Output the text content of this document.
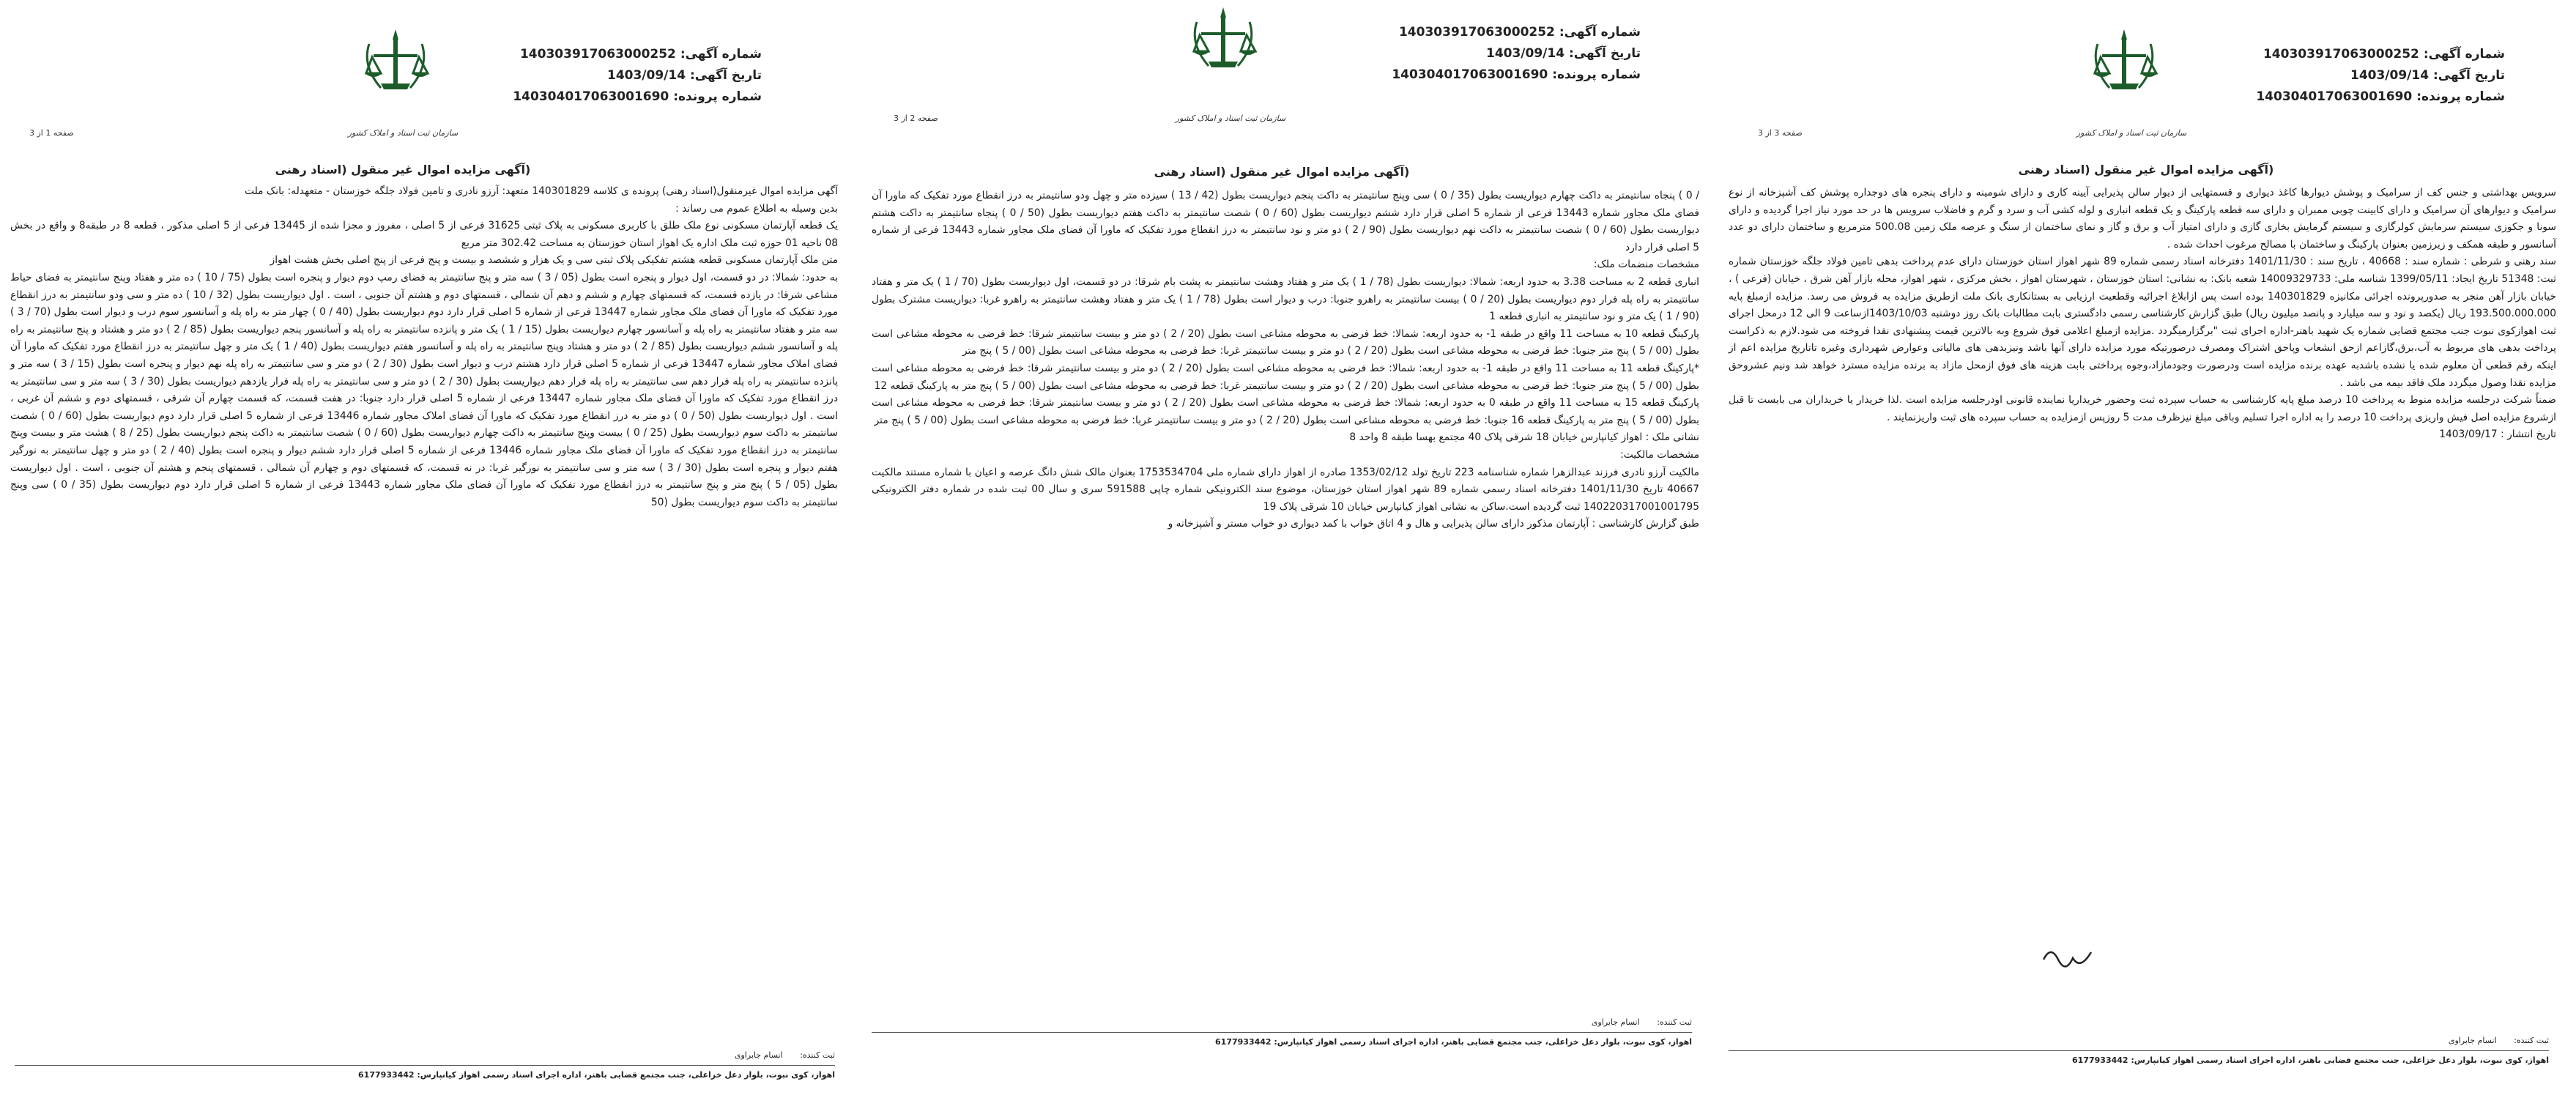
شماره آگهی: 140303917063000252
تاریخ آگهی: 1403/09/14
شماره پرونده: 140304017063001690
سازمان ثبت اسناد و املاک کشور
صفحه 1 از 3
(آگهی مزایده اموال غیر منقول (اسناد رهنی

آگهی مزایده اموال غیرمنقول(اسناد رهنی) پرونده ی کلاسه 140301829 متعهد: آرزو نادری و تامین فولاد جلگه خوزستان - متعهدله: بانک ملت

بدین وسیله به اطلاع عموم می رساند :

یک قطعه آپارتمان مسکونی نوع ملک طلق با کاربری مسکونی به پلاک ثبتی 31625 فرعی از 5 اصلی ، مفروز و مجزا شده از 13445 فرعی از 5 اصلی مذکور ، قطعه 8 در طبقه8 و واقع در بخش 08 ناحیه 01 حوزه ثبت ملک اداره یک اهواز استان خوزستان به مساحت 302.42 متر مربع

متن ملک آپارتمان مسکونی قطعه هشتم تفکیکی پلاک ثبتی سی و یک هزار و ششصد و بیست و پنج فرعی از پنج اصلی بخش هشت اهواز

به حدود: شمالا: در دو قسمت، اول دیوار و پنجره است بطول (05 / 3 ) سه متر و پنج سانتیمتر به فضای رمپ دوم دیوار و پنجره است بطول (75 / 10 ) ده متر و هفتاد وپنج سانتیمتر به فضای حیاط مشاعی شرقا: در یازده قسمت، که قسمتهای چهارم و ششم و دهم آن شمالی ، قسمتهای دوم و هشتم آن جنوبی ، است . اول دیواریست بطول (32 / 10 ) ده متر و سی ودو سانتیمتر به درز انقطاع مورد تفکیک که ماورا آن فضای ملک مجاور شماره 13447 فرعی از شماره 5 اصلی قرار دارد دوم دیواریست بطول (40 / 0 ) چهار متر به راه پله و آسانسور سوم درب و دیوار است بطول (70 / 3 ) سه متر و هفتاد سانتیمتر به راه پله و آسانسور چهارم دیواریست بطول (15 / 1 ) یک متر و پانزده سانتیمتر به راه پله و آسانسور پنجم دیواریست بطول (85 / 2 ) دو متر و هشتاد و پنج سانتیمتر به راه پله و آسانسور ششم دیواریست بطول (85 / 2 ) دو متر و هشتاد وپنج سانتیمتر به راه پله و آسانسور هفتم دیواریست بطول (40 / 1 ) یک متر و چهل سانتیمتر به درز انقطاع مورد تفکیک که ماورا آن فضای املاک مجاور شماره 13447 فرعی از شماره 5 اصلی قرار دارد هشتم درب و دیوار است بطول (30 / 2 ) دو متر و سی سانتیمتر به راه پله نهم دیوار و پنجره است بطول (15 / 3 ) سه متر و پانزده سانتیمتر به راه پله فرار دهم سی سانتیمتر به راه پله فرار دهم دیواریست بطول (30 / 2 ) دو متر و سی سانتیمتر به راه پله فرار یازدهم دیواریست بطول (30 / 3 ) سه متر و سی سانتیمتر به درز انقطاع مورد تفکیک که ماورا آن فضای ملک مجاور شماره 13447 فرعی از شماره 5 اصلی قرار دارد جنوبا: در هفت قسمت، که قسمت چهارم آن شرقی ، قسمتهای دوم و ششم آن غربی ، است . اول دیواریست بطول (50 / 0 ) دو متر به درز انقطاع مورد تفکیک که ماورا آن فضای املاک مجاور شماره 13446 فرعی از شماره 5 اصلی قرار دارد دوم دیواریست بطول (60 / 0 ) شصت سانتیمتر به داکت سوم دیواریست بطول (25 / 0 ) بیست وپنج سانتیمتر به داکت چهارم دیواریست بطول (60 / 0 ) شصت سانتیمتر به داکت پنجم دیواریست بطول (25 / 8 ) هشت متر و بیست وپنج سانتیمتر به درز انقطاع مورد تفکیک که ماورا آن فضای ملک مجاور شماره 13446 فرعی از شماره 5 اصلی قرار دارد ششم دیوار و پنجره است بطول (40 / 2 ) دو متر و چهل سانتیمتر به نورگیر هفتم دیوار و پنجره است بطول (30 / 3 ) سه متر و سی سانتیمتر به نورگیر غربا: در نه قسمت، که قسمتهای دوم و چهارم آن شمالی ، قسمتهای پنجم و هشتم آن جنوبی ، است . اول دیواریست بطول (05 / 5 ) پنج متر و پنج سانتیمتر به درز انقطاع مورد تفکیک که ماورا آن فضای ملک مجاور شماره 13443 فرعی از شماره 5 اصلی قرار دارد دوم دیواریست بطول (35 / 0 ) سی وپنج سانتیمتر به داکت سوم دیواریست بطول (50

ثبت کننده: انسام جابراوی
اهواز، کوی نبوت، بلوار دعل خزاعلی، جنب مجتمع قضایی باهنر، اداره اجرای اسناد رسمی اهواز کیانپارس: 6177933442
شماره آگهی: 140303917063000252
تاریخ آگهی: 1403/09/14
شماره پرونده: 140304017063001690
سازمان ثبت اسناد و املاک کشور
صفحه 2 از 3
(آگهی مزایده اموال غیر منقول (اسناد رهنی

/ 0 ) پنجاه سانتیمتر به داکت چهارم دیواریست بطول (35 / 0 ) سی وپنج سانتیمتر به داکت پنجم دیواریست بطول (42 / 13 ) سیزده متر و چهل ودو سانتیمتر به درز انقطاع مورد تفکیک که ماورا آن فضای ملک مجاور شماره 13443 فرعی از شماره 5 اصلی قرار دارد ششم دیواریست بطول (60 / 0 ) شصت سانتیمتر به داکت هفتم دیواریست بطول (50 / 0 ) پنجاه سانتیمتر به داکت هشتم دیواریست بطول (60 / 0 ) شصت سانتیمتر به داکت نهم دیواریست بطول (90 / 2 ) دو متر و نود سانتیمتر به درز انقطاع مورد تفکیک که ماورا آن فضای ملک مجاور شماره 13443 فرعی از شماره 5 اصلی قرار دارد

مشخصات منضمات ملک:

انباری قطعه 2 به مساحت 3.38 به حدود اربعه: شمالا: دیواریست بطول (78 / 1 ) یک متر و هفتاد وهشت سانتیمتر به پشت بام شرقا: در دو قسمت، اول دیواریست بطول (70 / 1 ) یک متر و هفتاد سانتیمتر به راه پله فرار دوم دیواریست بطول (20 / 0 ) بیست سانتیمتر به راهرو جنوبا: درب و دیوار است بطول (78 / 1 ) یک متر و هفتاد وهشت سانتیمتر به راهرو غربا: دیواریست مشترک بطول (90 / 1 ) یک متر و نود سانتیمتر به انباری قطعه 1

پارکینگ قطعه 10 به مساحت 11 واقع در طبقه 1- به حدود اربعه: شمالا: خط فرضی به محوطه مشاعی است بطول (20 / 2 ) دو متر و بیست سانتیمتر شرقا: خط فرضی به محوطه مشاعی است بطول (00 / 5 ) پنج متر جنوبا: خط فرضی به محوطه مشاعی است بطول (20 / 2 ) دو متر و بیست سانتیمتر غربا: خط فرضی به محوطه مشاعی است بطول (00 / 5 ) پنج متر

*پارکینگ قطعه 11 به مساحت 11 واقع در طبقه 1- به حدود اربعه: شمالا: خط فرضی به محوطه مشاعی است بطول (20 / 2 ) دو متر و بیست سانتیمتر شرقا: خط فرضی به محوطه مشاعی است بطول (00 / 5 ) پنج متر جنوبا: خط فرضی به محوطه مشاعی است بطول (20 / 2 ) دو متر و بیست سانتیمتر غربا: خط فرضی به محوطه مشاعی است بطول (00 / 5 ) پنج متر به پارکینگ قطعه 12

پارکینگ قطعه 15 به مساحت 11 واقع در طبقه 0 به حدود اربعه: شمالا: خط فرضی به محوطه مشاعی است بطول (20 / 2 ) دو متر و بیست سانتیمتر شرقا: خط فرضی به محوطه مشاعی است بطول (00 / 5 ) پنج متر به پارکینگ قطعه 16 جنوبا: خط فرضی به محوطه مشاعی است بطول (20 / 2 ) دو متر و بیست سانتیمتر غربا: خط فرضی به محوطه مشاعی است بطول (00 / 5 ) پنج متر

نشانی ملک : اهواز کیانپارس خیابان 18 شرقی پلاک 40 مجتمع بهسا طبقه 8 واحد 8

مشخصات مالکیت:

مالکیت آرزو نادری فرزند عبدالزهرا شماره شناسنامه 223 تاریخ تولد 1353/02/12 صادره از اهواز دارای شماره ملی 1753534704 بعنوان مالک شش دانگ عرصه و اعیان با شماره مستند مالکیت 40667 تاریخ 1401/11/30 دفترخانه اسناد رسمی شماره 89 شهر اهواز استان خوزستان، موضوع سند الکترونیکی شماره چاپی 591588 سری و سال 00 ثبت شده در شماره دفتر الکترونیکی 140220317001001795 ثبت گردیده است.ساکن به نشانی اهواز کیانپارس خیابان 10 شرقی پلاک 19

طبق گزارش کارشناسی : آپارتمان مذکور دارای سالن پذیرایی و هال و 4 اتاق خواب با کمد دیواری دو خواب مستر و آشپزخانه و

ثبت کننده: انسام جابراوی
اهواز، کوی نبوت، بلوار دعل خزاعلی، جنب مجتمع قضایی باهنر، اداره اجرای اسناد رسمی اهواز کیانپارس: 6177933442
شماره آگهی: 140303917063000252
تاریخ آگهی: 1403/09/14
شماره پرونده: 140304017063001690
سازمان ثبت اسناد و املاک کشور
صفحه 3 از 3
(آگهی مزایده اموال غیر منقول (اسناد رهنی

سرویس بهداشتی و جنس کف از سرامیک و پوشش دیوارها کاغذ دیواری و قسمتهایی از دیوار سالن پذیرایی آیینه کاری و دارای شومینه و دارای پنجره های دوجداره پوشش کف آشپزخانه از نوع سرامیک و دیوارهای آن سرامیک و دارای کابینت چوبی ممبران و دارای سه قطعه پارکینگ و یک قطعه انباری و لوله کشی آب و سرد و گرم و فاضلاب سرویس ها در حد مورد نیاز اجرا گردیده و دارای سونا و جکوزی سیستم سرمایش کولرگازی و سیستم گرمایش بخاری گازی و دارای امتیاز آب و برق و گاز و نمای ساختمان از سنگ و عرصه ملک زمین 500.08 مترمربع و ساختمان دارای دو عدد آسانسور و طبقه همکف و زیرزمین بعنوان پارکینگ و ساختمان با مصالح مرغوب احداث شده .

سند رهنی و شرطی : شماره سند : 40668 ، تاریخ سند : 1401/11/30 دفترخانه اسناد رسمی شماره 89 شهر اهواز استان خوزستان دارای عدم پرداخت بدهی تامین فولاد جلگه خوزستان شماره ثبت: 51348 تاریخ ایجاد: 1399/05/11 شناسه ملی: 14009329733 شعبه بانک: به نشانی: استان خوزستان ، شهرستان اهواز ، بخش مرکزی ، شهر اهواز، محله بازار آهن شرق ، خیابان (فرعی ) ، خیابان بازار آهن منجر به صدورپرونده اجرائی مکانیزه 140301829 بوده است پس ازابلاغ اجرائیه وقطعیت ارزیابی به بستانکاری بانک ملت ازطریق مزایده به فروش می رسد. مزایده ازمبلغ پایه 193.500.000.000 ریال (یکصد و نود و سه میلیارد و پانصد میلیون ریال) طبق گزارش کارشناسی رسمی دادگستری بابت مطالبات بانک روز دوشنبه 1403/10/03ازساعت 9 الی 12 درمحل اجرای ثبت اهوازکوی نبوت جنب مجتمع قضایی شماره یک شهید باهنر-اداره اجرای ثبت "برگزارمیگردد .مزایده ازمبلغ اعلامی فوق شروع وبه بالاترین قیمت پیشنهادی نقدا فروخته می شود.لازم به ذکراست پرداخت بدهی های مربوط به آب،برق،گازاعم ازحق انشعاب وپاحق اشتراک ومصرف درصورتیکه مورد مزایده دارای آنها باشد ونیزبدهی های مالیاتی وعوارض شهرداری وغیره تاتاریخ مزایده اعم از اینکه رقم قطعی آن معلوم شده یا نشده باشدبه عهده برنده مزایده است ودرصورت وجودمازاد،وجوه پرداختی بابت هزینه های فوق ازمحل مازاد به برنده مزایده مسترد خواهد شد ونیم عشروحق مزایده نقدا وصول میگردد ملک فاقد بیمه می باشد .

ضمناً شرکت درجلسه مزایده منوط به پرداخت 10 درصد مبلغ پایه کارشناسی به حساب سپرده ثبت وحضور خریداریا نماینده قانونی اودرجلسه مزایده است .لذا خریدار یا خریداران می بایست تا قبل ازشروع مزایده اصل فیش واریزی پرداخت 10 درصد را به اداره اجرا تسلیم وباقی مبلغ نیزظرف مدت 5 روزپس ازمزایده به حساب سپرده های ثبت واریزنمایند .

تاریخ انتشار : 1403/09/17

ثبت کننده: انسام جابراوی
اهواز، کوی نبوت، بلوار دعل خزاعلی، جنب مجتمع قضایی باهنر، اداره اجرای اسناد رسمی اهواز کیانپارس: 6177933442
